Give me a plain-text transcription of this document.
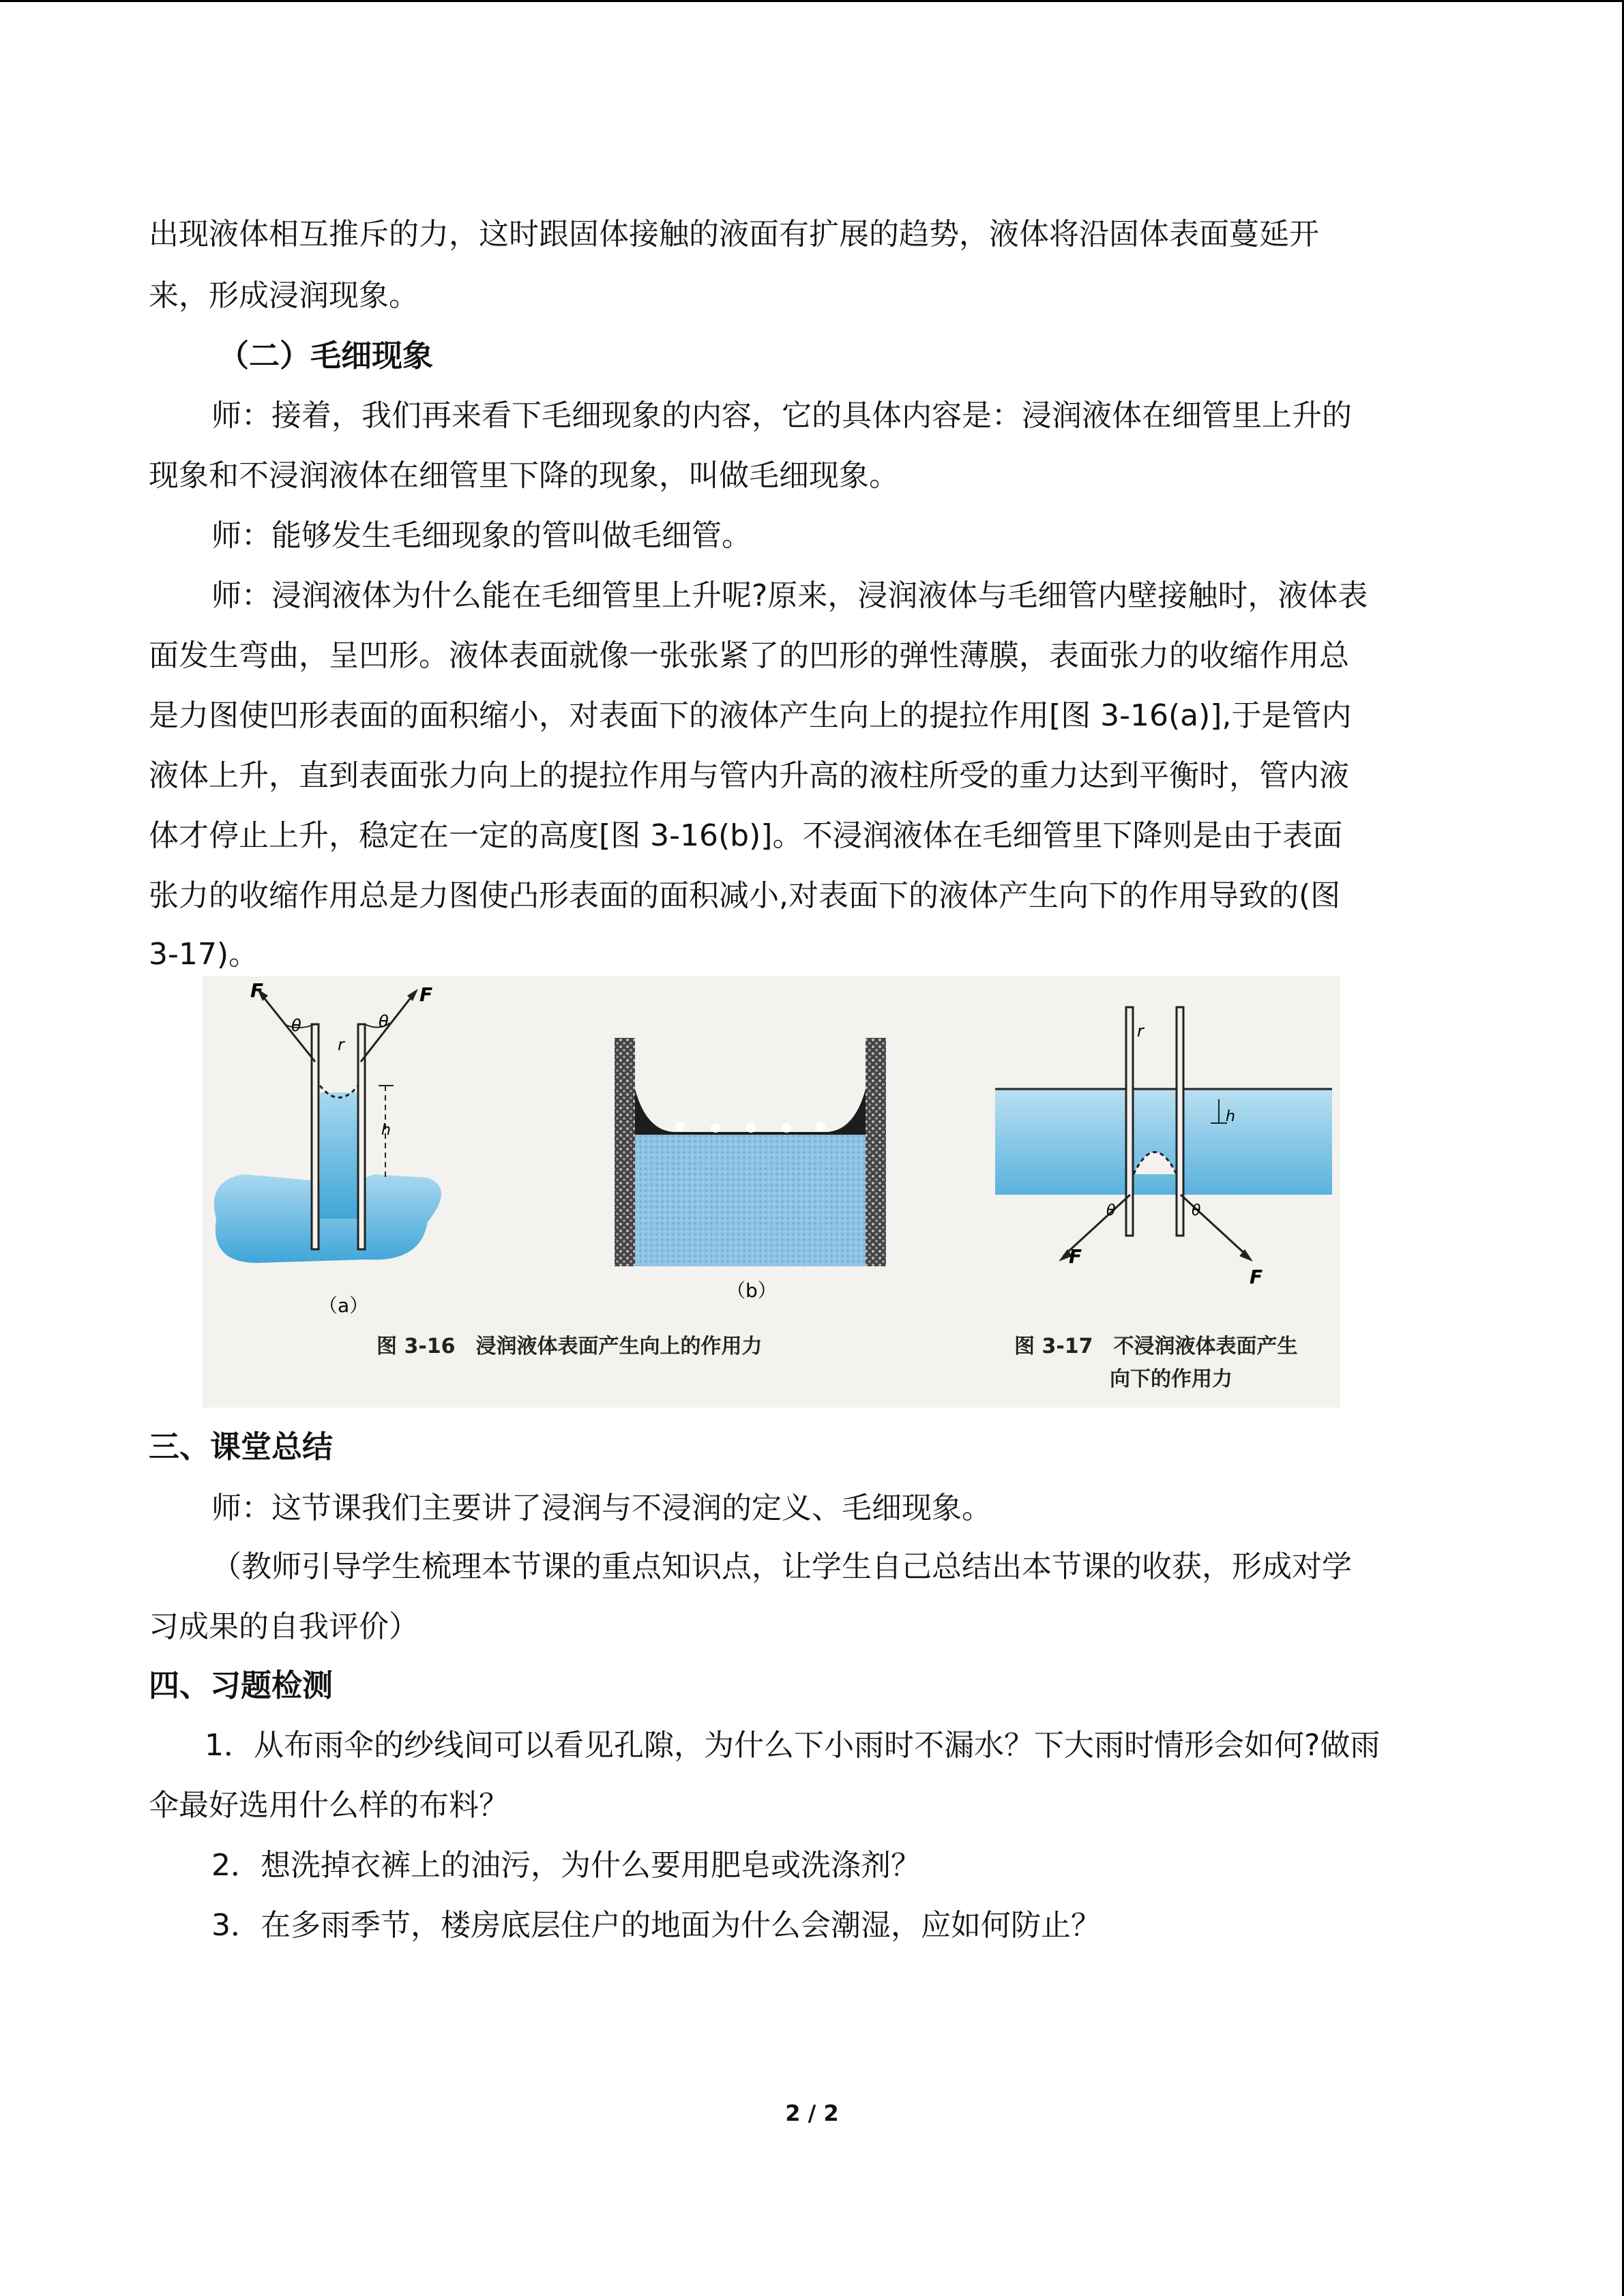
出现液体相互推斥的力，这时跟固体接触的液面有扩展的趋势，液体将沿固体表面蔓延开

来，形成浸润现象。

（二）毛细现象

师：接着，我们再来看下毛细现象的内容，它的具体内容是：浸润液体在细管里上升的

现象和不浸润液体在细管里下降的现象，叫做毛细现象。

师：能够发生毛细现象的管叫做毛细管。

师：浸润液体为什么能在毛细管里上升呢?原来，浸润液体与毛细管内壁接触时，液体表

面发生弯曲，呈凹形。液体表面就像一张张紧了的凹形的弹性薄膜，表面张力的收缩作用总

是力图使凹形表面的面积缩小，对表面下的液体产生向上的提拉作用[图 3-16(a)],于是管内

液体上升，直到表面张力向上的提拉作用与管内升高的液柱所受的重力达到平衡时，管内液

体才停止上升，稳定在一定的高度[图 3-16(b)]。不浸润液体在毛细管里下降则是由于表面

张力的收缩作用总是力图使凸形表面的面积减小,对表面下的液体产生向下的作用导致的(图

3-17)。

F	F
θ	θ
r
h
（a）
（b）
r
h
θ	θ
F
F
图 3-16　浸润液体表面产生向上的作用力	图 3-17　不浸润液体表面产生
向下的作用力

三、课堂总结

师：这节课我们主要讲了浸润与不浸润的定义、毛细现象。

（教师引导学生梳理本节课的重点知识点，让学生自己总结出本节课的收获，形成对学

习成果的自我评价）

四、习题检测

1．从布雨伞的纱线间可以看见孔隙，为什么下小雨时不漏水？下大雨时情形会如何?做雨

伞最好选用什么样的布料？

2．想洗掉衣裤上的油污，为什么要用肥皂或洗涤剂？

3．在多雨季节，楼房底层住户的地面为什么会潮湿，应如何防止？

2 / 2
